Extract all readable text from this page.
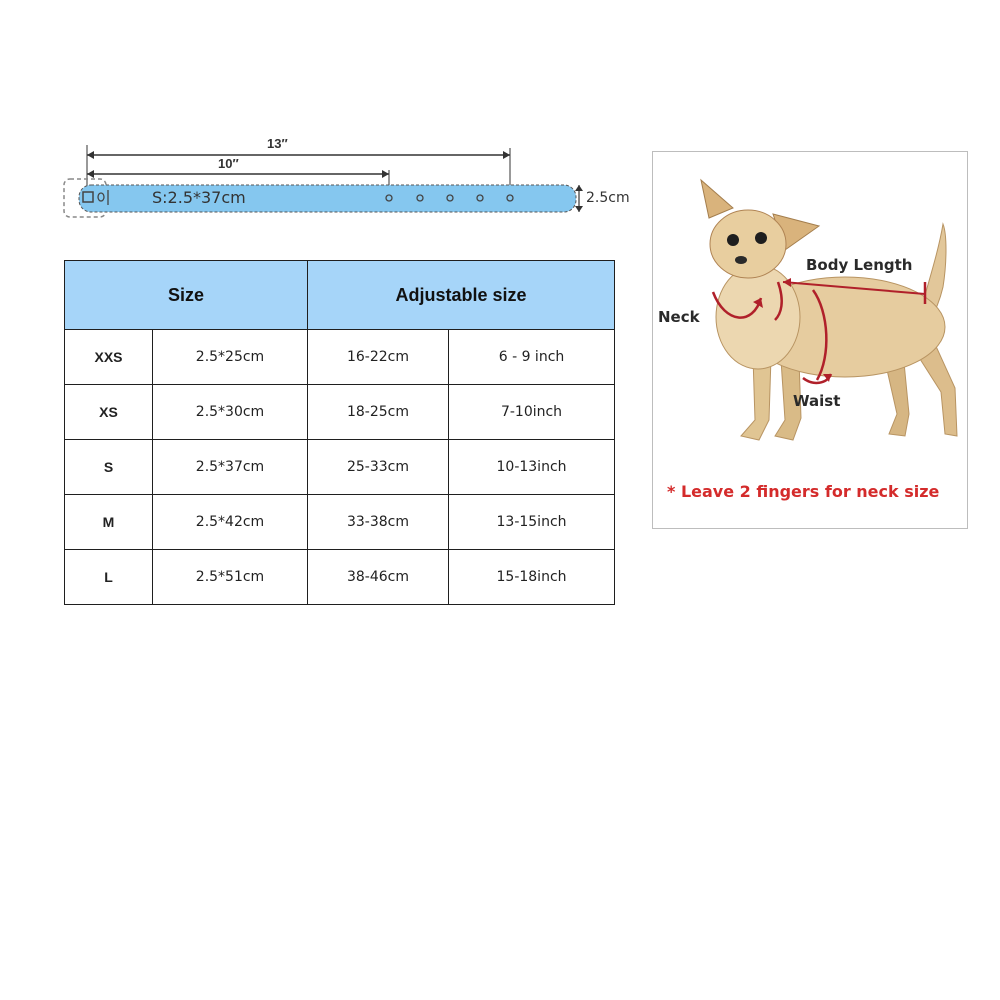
13″
10″
S:2.5*37cm	2.5cm
Size		Adjustable size	
XXS	2.5*25cm	16-22cm	6 - 9 inch
XS	2.5*30cm	18-25cm	7-10inch
S	2.5*37cm	25-33cm	10-13inch
M	2.5*42cm	33-38cm	13-15inch
L	2.5*51cm	38-46cm	15-18inch
Body Length
Neck
Waist
* Leave 2 fingers for neck size
